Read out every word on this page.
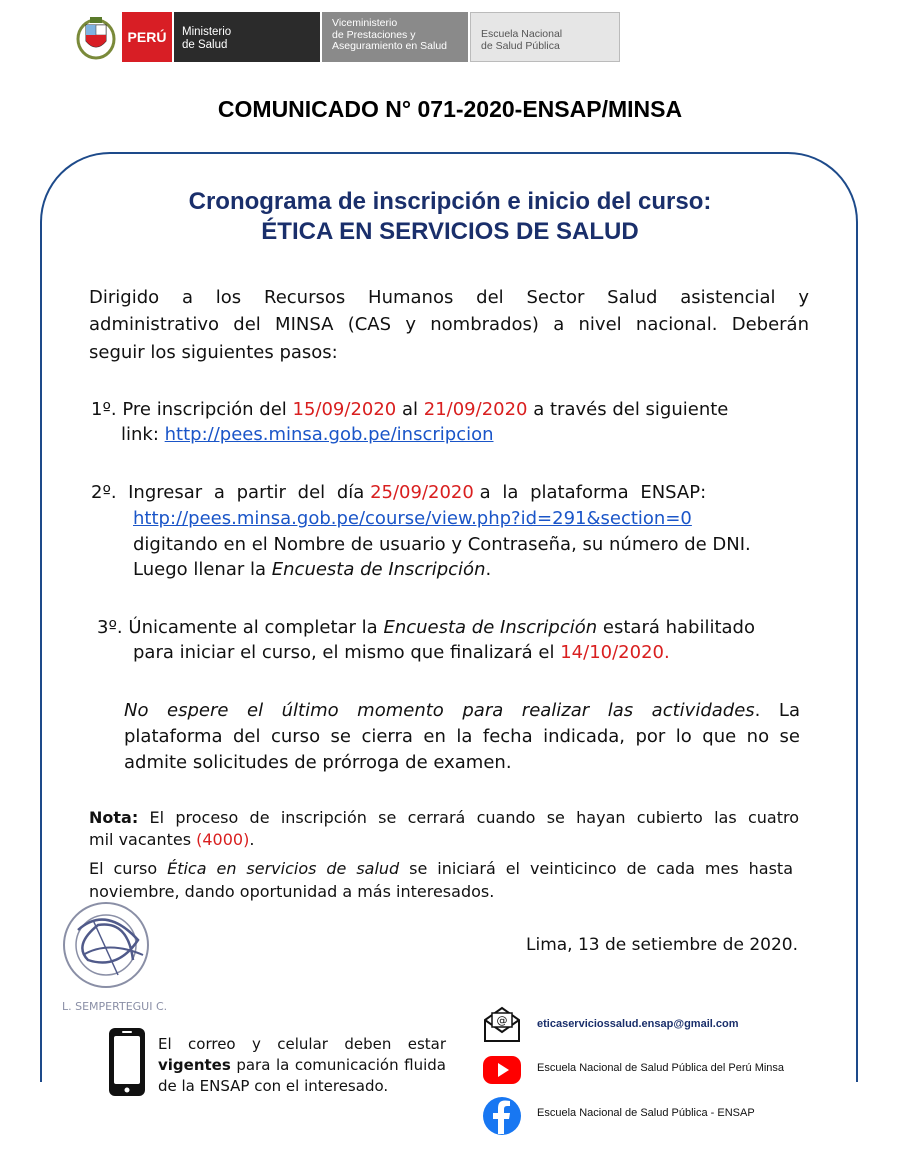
PERÚ Ministerio
de Salud
Viceministerio
de Prestaciones y
Aseguramiento en Salud
Escuela Nacional
de Salud Pública
COMUNICADO N° 071-2020-ENSAP/MINSA
Cronograma de inscripción e inicio del curso:
ÉTICA EN SERVICIOS DE SALUD
Dirigido a los Recursos Humanos del Sector Salud asistencial y
administrativo del MINSA (CAS y nombrados) a nivel nacional. Deberán
seguir los siguientes pasos:
1º. Pre inscripción del 15/09/2020 al 21/09/2020 a través del siguiente
link: http://pees.minsa.gob.pe/inscripcion
2º. Ingresar a partir del día 25/09/2020 a la plataforma ENSAP:
http://pees.minsa.gob.pe/course/view.php?id=291&section=0
digitando en el Nombre de usuario y Contraseña, su número de DNI.
Luego llenar la Encuesta de Inscripción.
3º. Únicamente al completar la Encuesta de Inscripción estará habilitado
para iniciar el curso, el mismo que finalizará el 14/10/2020.
No espere el último momento para realizar las actividades. La
plataforma del curso se cierra en la fecha indicada, por lo que no se
admite solicitudes de prórroga de examen.
Nota: El proceso de inscripción se cerrará cuando se hayan cubierto las cuatro
mil vacantes (4000).
El curso Ética en servicios de salud se iniciará el veinticinco de cada mes hasta
noviembre, dando oportunidad a más interesados.
Lima, 13 de setiembre de 2020.
L. SEMPERTEGUI C.
El correo y celular deben estar
vigentes para la comunicación fluida
de la ENSAP con el interesado.
@	eticaserviciossalud.ensap@gmail.com
Escuela Nacional de Salud Pública del Perú Minsa
Escuela Nacional de Salud Pública - ENSAP
